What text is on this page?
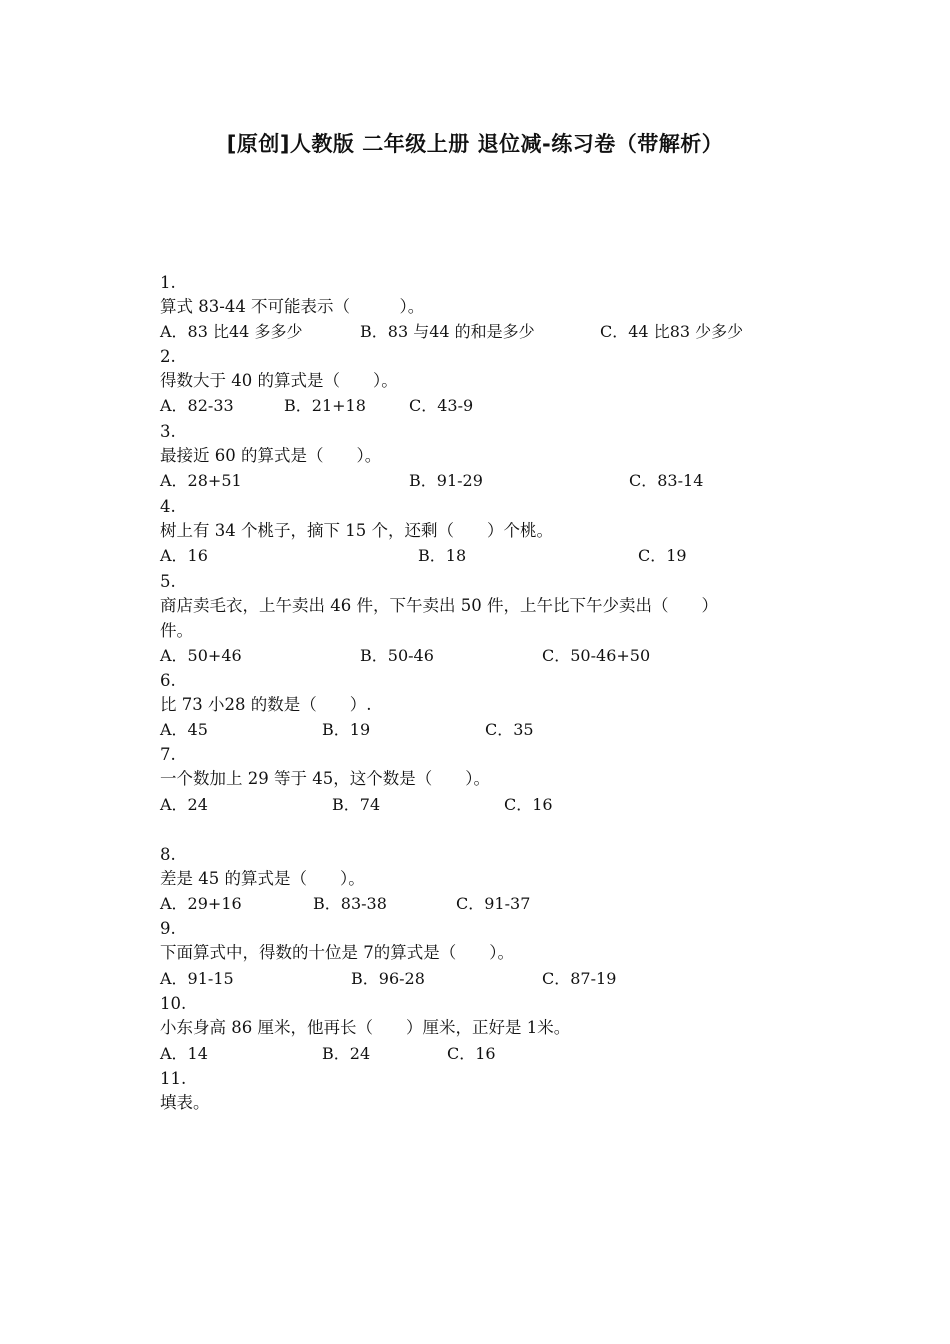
[原创]人教版 二年级上册 退位减-练习卷（带解析）
1.
算式 83-44 不可能表示（　　　）。
A．83 比44 多多少	B．83 与44 的和是多少	C．44 比83 少多少
2.
得数大于 40 的算式是（　　）。
A．82-33	B．21+18	C．43-9
3.
最接近 60 的算式是（　　）。
A．28+51	B．91-29	C．83-14
4.
树上有 34 个桃子，摘下 15 个，还剩（　　）个桃。
A．16	B．18	C．19
5.
商店卖毛衣，上午卖出 46 件，下午卖出 50 件，上午比下午少卖出（　　）
件。
A．50+46	B．50-46	C．50-46+50
6.
比 73 小28 的数是（　　）.
A．45	B．19	C．35
7.
一个数加上 29 等于 45，这个数是（　　）。
A．24	B．74	C．16
8.
差是 45 的算式是（　　）。
A．29+16	B．83-38	C．91-37
9.
下面算式中，得数的十位是 7的算式是（　　）。
A．91-15	B．96-28	C．87-19
10.
小东身高 86 厘米，他再长（　　）厘米，正好是 1米。
A．14	B．24	C．16
11.
填表。
